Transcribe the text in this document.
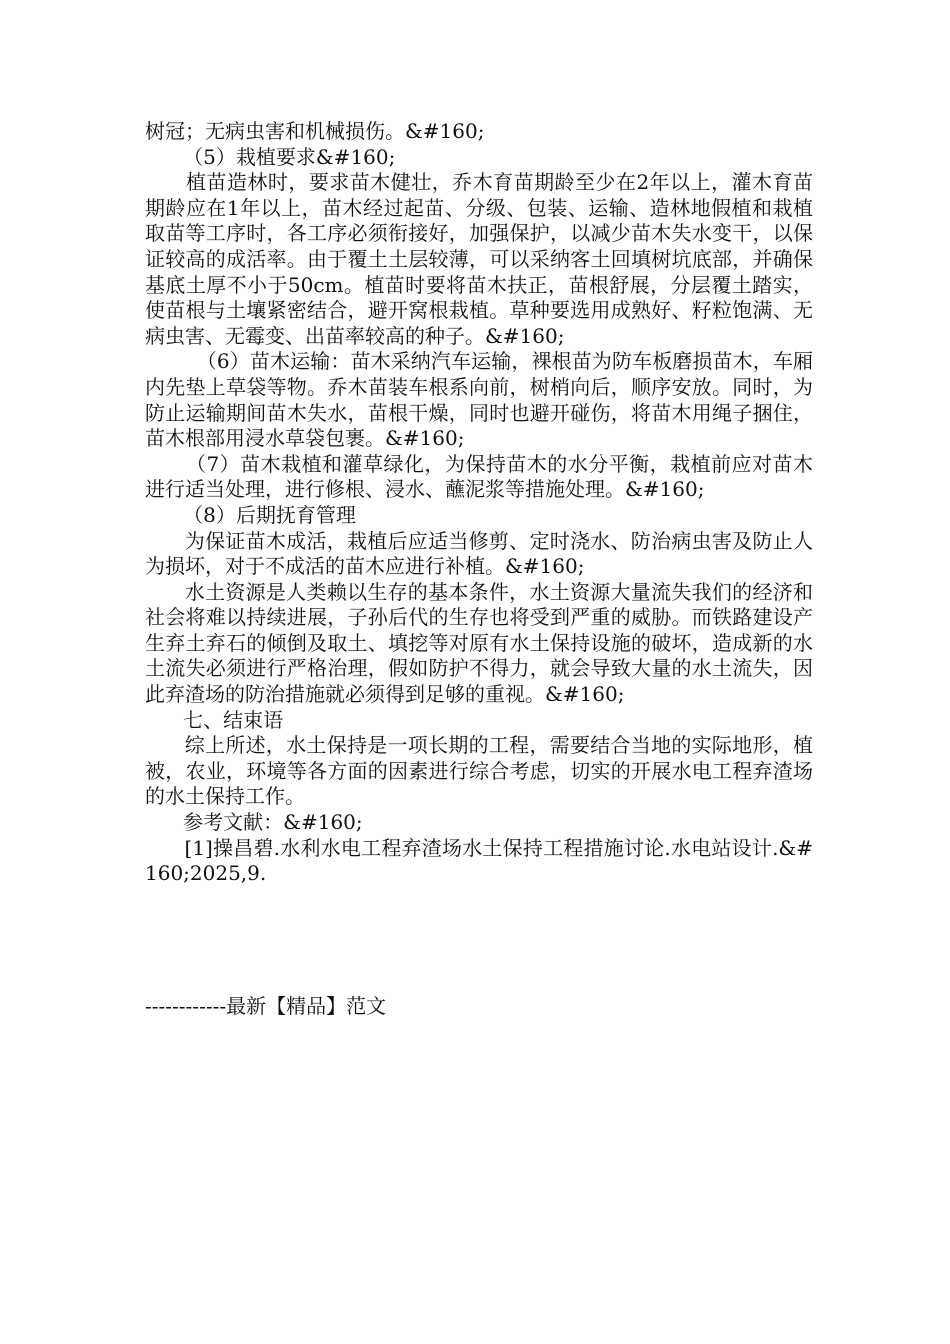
树冠；无病虫害和机械损伤。&#160;

（5）栽植要求&#160;

植苗造林时，要求苗木健壮，乔木育苗期龄至少在2年以上，灌木育苗期龄应在1年以上，苗木经过起苗、分级、包装、运输、造林地假植和栽植取苗等工序时，各工序必须衔接好，加强保护，以减少苗木失水变干，以保证较高的成活率。由于覆土土层较薄，可以采纳客土回填树坑底部，并确保基底土厚不小于50cm。植苗时要将苗木扶正，苗根舒展，分层覆土踏实，使苗根与土壤紧密结合，避开窝根栽植。草种要选用成熟好、籽粒饱满、无病虫害、无霉变、出苗率较高的种子。&#160;

（6）苗木运输：苗木采纳汽车运输，裸根苗为防车板磨损苗木，车厢内先垫上草袋等物。乔木苗装车根系向前，树梢向后，顺序安放。同时，为防止运输期间苗木失水，苗根干燥，同时也避开碰伤，将苗木用绳子捆住，苗木根部用浸水草袋包裹。&#160;

（7）苗木栽植和灌草绿化，为保持苗木的水分平衡，栽植前应对苗木进行适当处理，进行修根、浸水、蘸泥浆等措施处理。&#160;

（8）后期抚育管理

为保证苗木成活，栽植后应适当修剪、定时浇水、防治病虫害及防止人为损坏，对于不成活的苗木应进行补植。&#160;

水土资源是人类赖以生存的基本条件，水土资源大量流失我们的经济和社会将难以持续进展，子孙后代的生存也将受到严重的威胁。而铁路建设产生弃土弃石的倾倒及取土、填挖等对原有水土保持设施的破坏，造成新的水土流失必须进行严格治理，假如防护不得力，就会导致大量的水土流失，因此弃渣场的防治措施就必须得到足够的重视。&#160;

七、结束语

综上所述，水土保持是一项长期的工程，需要结合当地的实际地形，植被，农业，环境等各方面的因素进行综合考虑，切实的开展水电工程弃渣场的水土保持工作。

参考文献：&#160;

[1]操昌碧.水利水电工程弃渣场水土保持工程措施讨论.水电站设计.&#160;2025,9.

------------最新【精品】范文
